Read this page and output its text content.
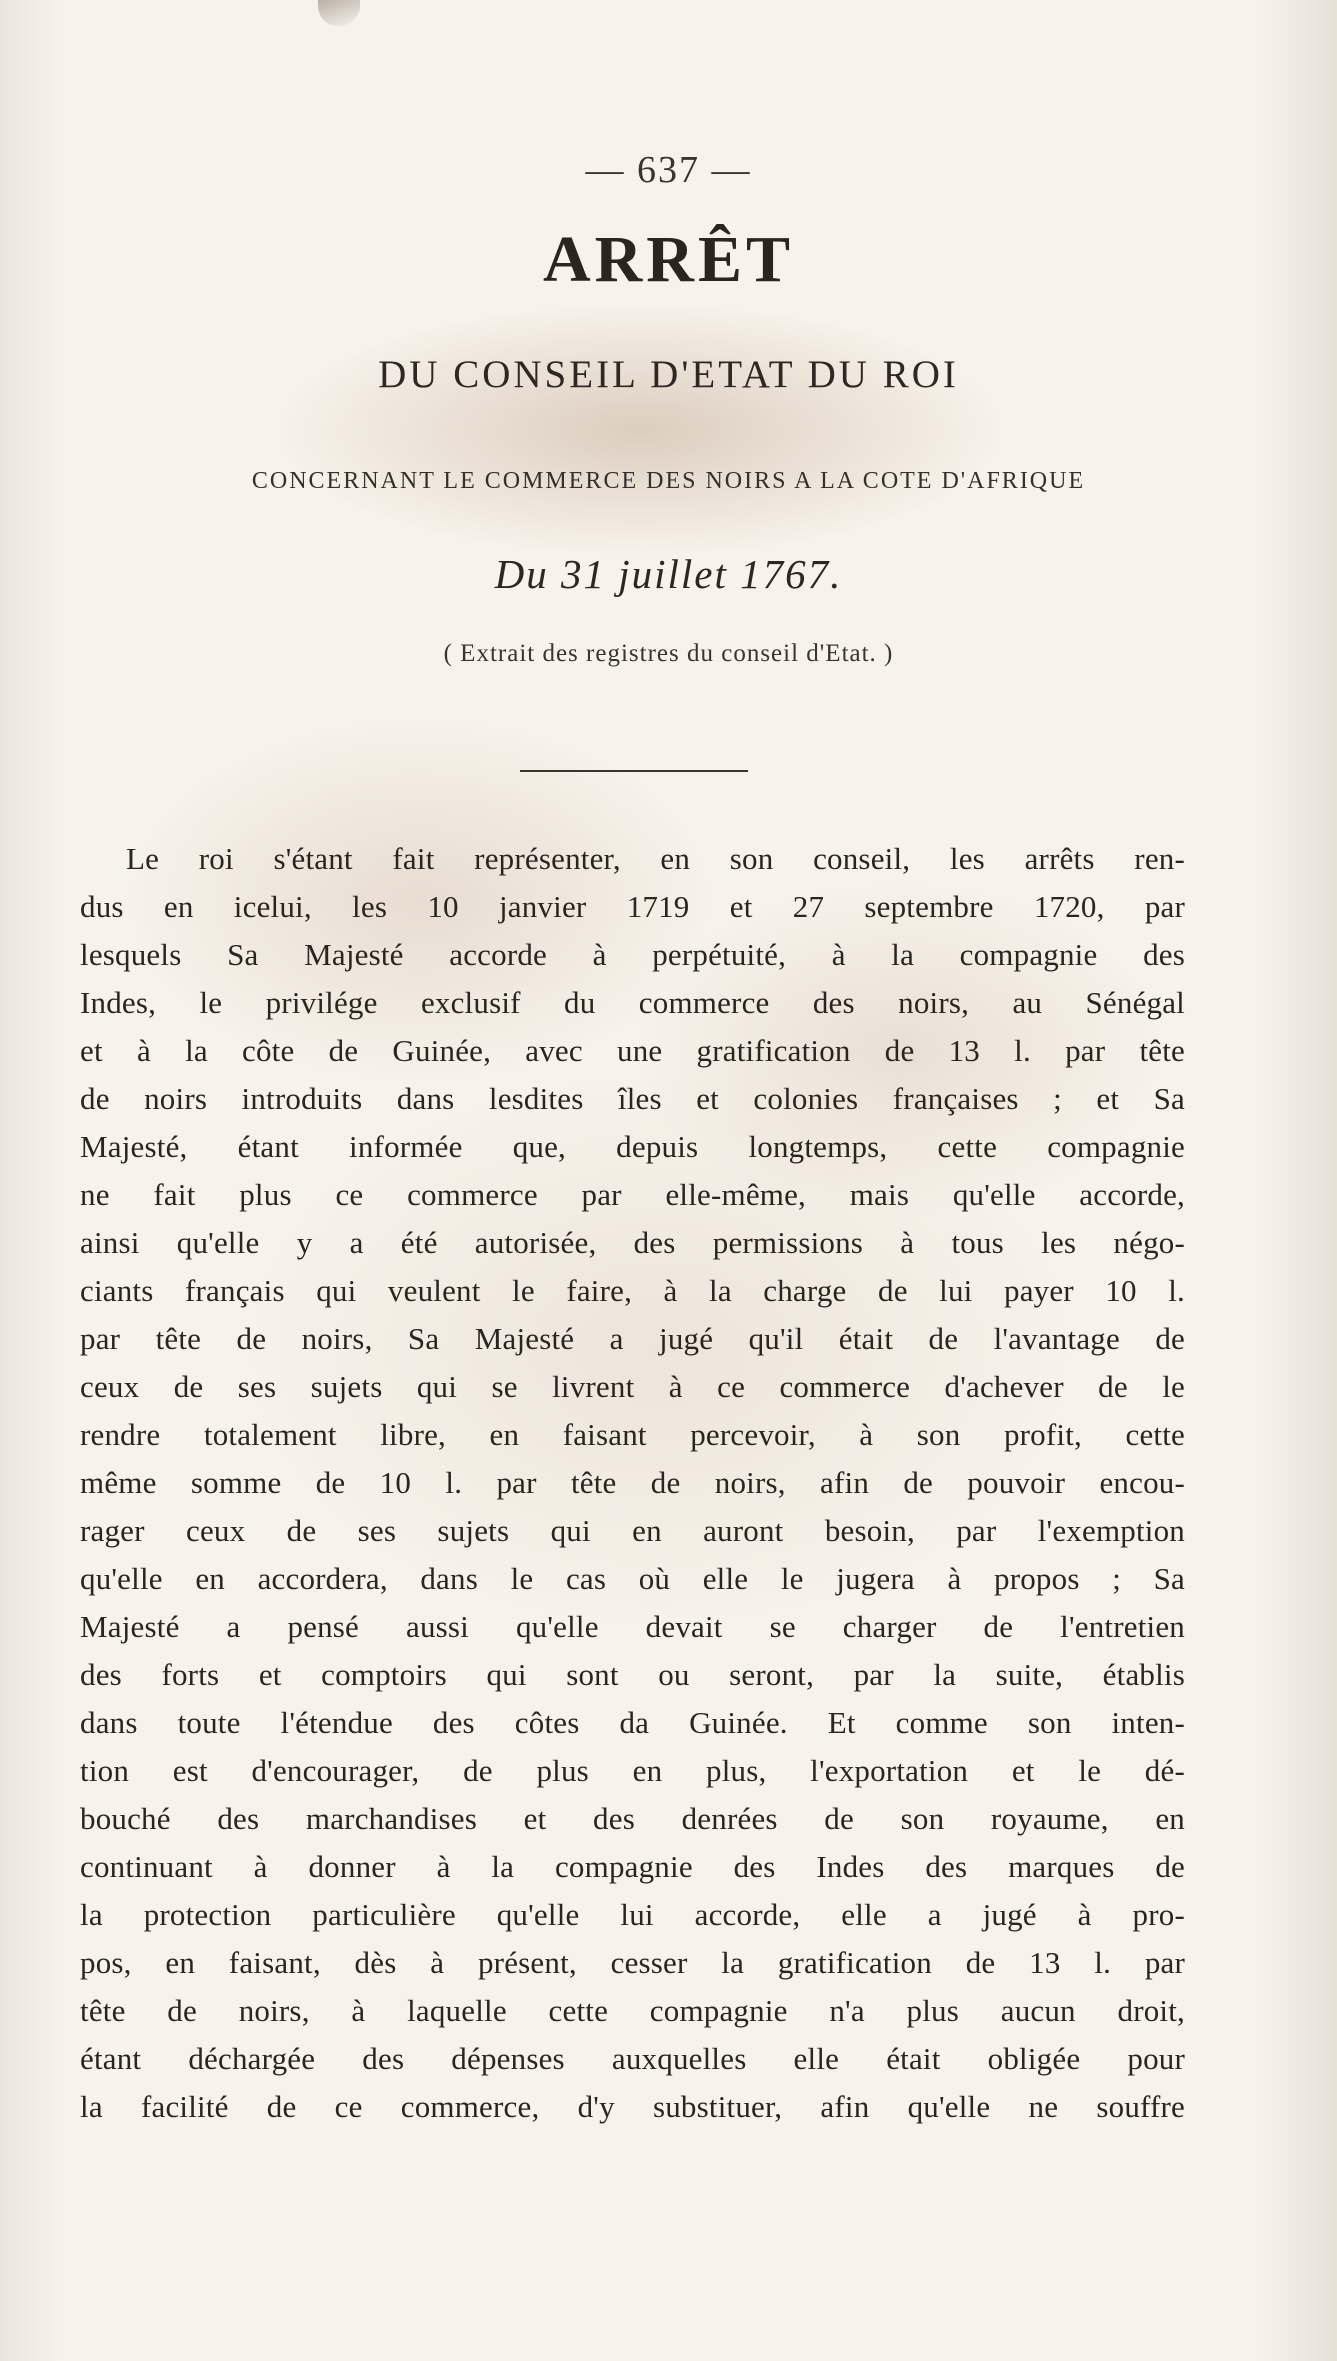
— 637 —
ARRÊT
DU CONSEIL D'ETAT DU ROI
CONCERNANT LE COMMERCE DES NOIRS A LA COTE D'AFRIQUE
Du 31 juillet 1767.
( Extrait des registres du conseil d'Etat. )
Le roi s'étant fait représenter, en son conseil, les arrêts ren-
dus en icelui, les 10 janvier 1719 et 27 septembre 1720, par
lesquels Sa Majesté accorde à perpétuité, à la compagnie des
Indes, le privilége exclusif du commerce des noirs, au Sénégal
et à la côte de Guinée, avec une gratification de 13 l. par tête
de noirs introduits dans lesdites îles et colonies françaises ; et Sa
Majesté, étant informée que, depuis longtemps, cette compagnie
ne fait plus ce commerce par elle-même, mais qu'elle accorde,
ainsi qu'elle y a été autorisée, des permissions à tous les négo-
ciants français qui veulent le faire, à la charge de lui payer 10 l.
par tête de noirs, Sa Majesté a jugé qu'il était de l'avantage de
ceux de ses sujets qui se livrent à ce commerce d'achever de le
rendre totalement libre, en faisant percevoir, à son profit, cette
même somme de 10 l. par tête de noirs, afin de pouvoir encou-
rager ceux de ses sujets qui en auront besoin, par l'exemption
qu'elle en accordera, dans le cas où elle le jugera à propos ; Sa
Majesté a pensé aussi qu'elle devait se charger de l'entretien
des forts et comptoirs qui sont ou seront, par la suite, établis
dans toute l'étendue des côtes da Guinée. Et comme son inten-
tion est d'encourager, de plus en plus, l'exportation et le dé-
bouché des marchandises et des denrées de son royaume, en
continuant à donner à la compagnie des Indes des marques de
la protection particulière qu'elle lui accorde, elle a jugé à pro-
pos, en faisant, dès à présent, cesser la gratification de 13 l. par
tête de noirs, à laquelle cette compagnie n'a plus aucun droit,
étant déchargée des dépenses auxquelles elle était obligée pour
la facilité de ce commerce, d'y substituer, afin qu'elle ne souffre
